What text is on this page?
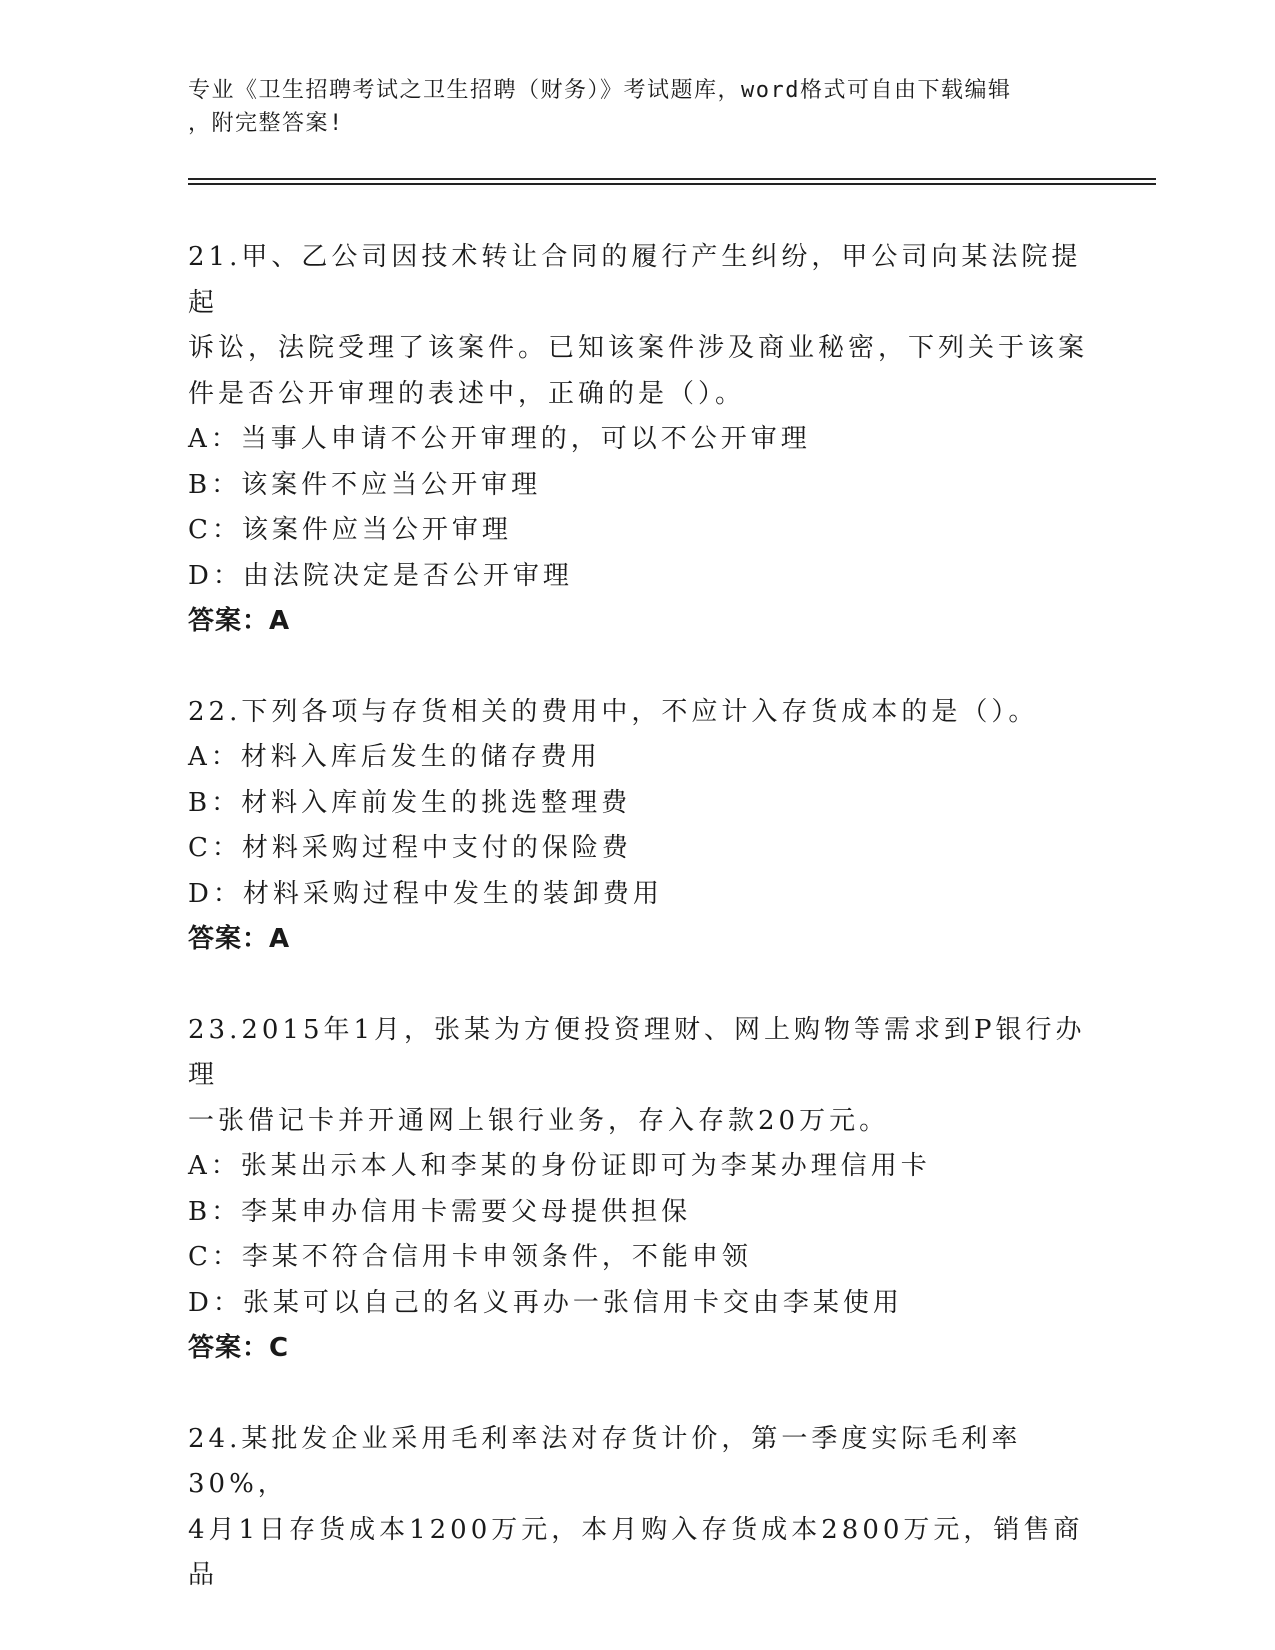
专业《卫生招聘考试之卫生招聘（财务）》考试题库，word格式可自由下载编辑
，附完整答案!
21.甲、乙公司因技术转让合同的履行产生纠纷，甲公司向某法院提起
诉讼，法院受理了该案件。已知该案件涉及商业秘密，下列关于该案
件是否公开审理的表述中，正确的是（）。
A：当事人申请不公开审理的，可以不公开审理
B：该案件不应当公开审理
C：该案件应当公开审理
D：由法院决定是否公开审理
答案：A
22.下列各项与存货相关的费用中，不应计入存货成本的是（）。
A：材料入库后发生的储存费用
B：材料入库前发生的挑选整理费
C：材料采购过程中支付的保险费
D：材料采购过程中发生的装卸费用
答案：A
23.2015年1月，张某为方便投资理财、网上购物等需求到P银行办理
一张借记卡并开通网上银行业务，存入存款20万元。
A：张某出示本人和李某的身份证即可为李某办理信用卡
B：李某申办信用卡需要父母提供担保
C：李某不符合信用卡申领条件，不能申领
D：张某可以自己的名义再办一张信用卡交由李某使用
答案：C
24.某批发企业采用毛利率法对存货计价，第一季度实际毛利率30%，
4月1日存货成本1200万元，本月购入存货成本2800万元，销售商品
